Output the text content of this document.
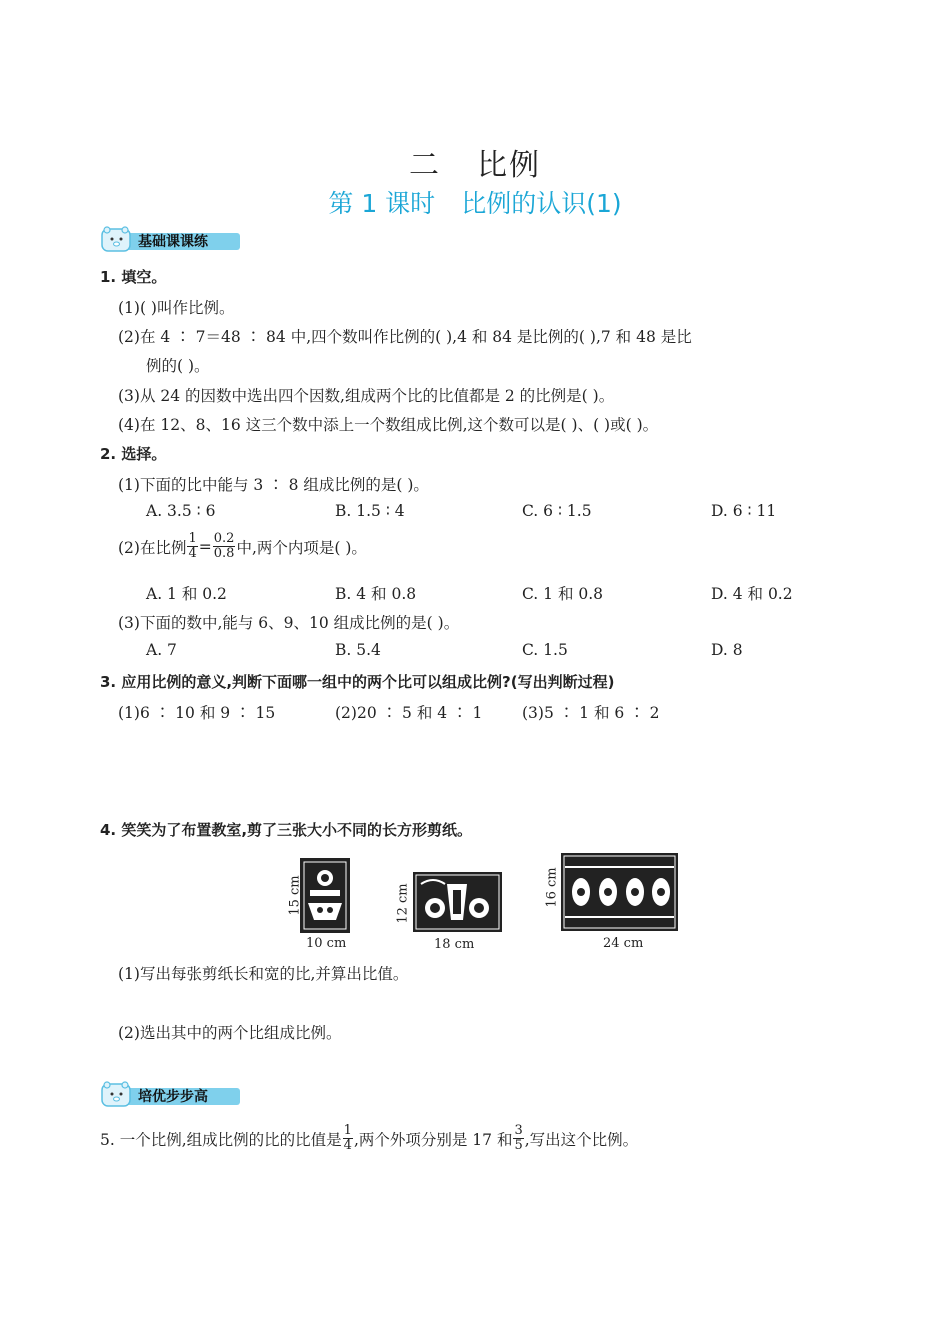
二 比例
第 1 课时 比例的认识(1)
基础课课练
1. 填空。
(1)( )叫作比例。
(2)在 4 ∶ 7＝48 ∶ 84 中,四个数叫作比例的( ),4 和 84 是比例的( ),7 和 48 是比
例的( )。
(3)从 24 的因数中选出四个因数,组成两个比的比值都是 2 的比例是( )。
(4)在 12、8、16 这三个数中添上一个数组成比例,这个数可以是( )、( )或( )。
2. 选择。
(1)下面的比中能与 3 ∶ 8 组成比例的是( )。
A. 3.5 ∶ 6	B. 1.5 ∶ 4	C. 6 ∶ 1.5	D. 6 ∶ 11
(2)在比例 $\frac{1}{4} = \frac{0.2}{0.8}$ 中,两个内项是( )。
A. 1 和 0.2	B. 4 和 0.8	C. 1 和 0.8	D. 4 和 0.2
(3)下面的数中,能与 6、9、10 组成比例的是( )。
A. 7	B. 5.4	C. 1.5	D. 8
3. 应用比例的意义,判断下面哪一组中的两个比可以组成比例?(写出判断过程)
(1)6 ∶ 10 和 9 ∶ 15	(2)20 ∶ 5 和 4 ∶ 1	(3)5 ∶ 1 和 6 ∶ 2
4. 笑笑为了布置教室,剪了三张大小不同的长方形剪纸。
15 cm
10 cm
12 cm
18 cm
16 cm
24 cm
(1)写出每张剪纸长和宽的比,并算出比值。
(2)选出其中的两个比组成比例。
培优步步高
5. 一个比例,组成比例的比的比值是 $\frac{1}{4}$ ,两个外项分别是 17 和 $\frac{3}{5}$ ,写出这个比例。
